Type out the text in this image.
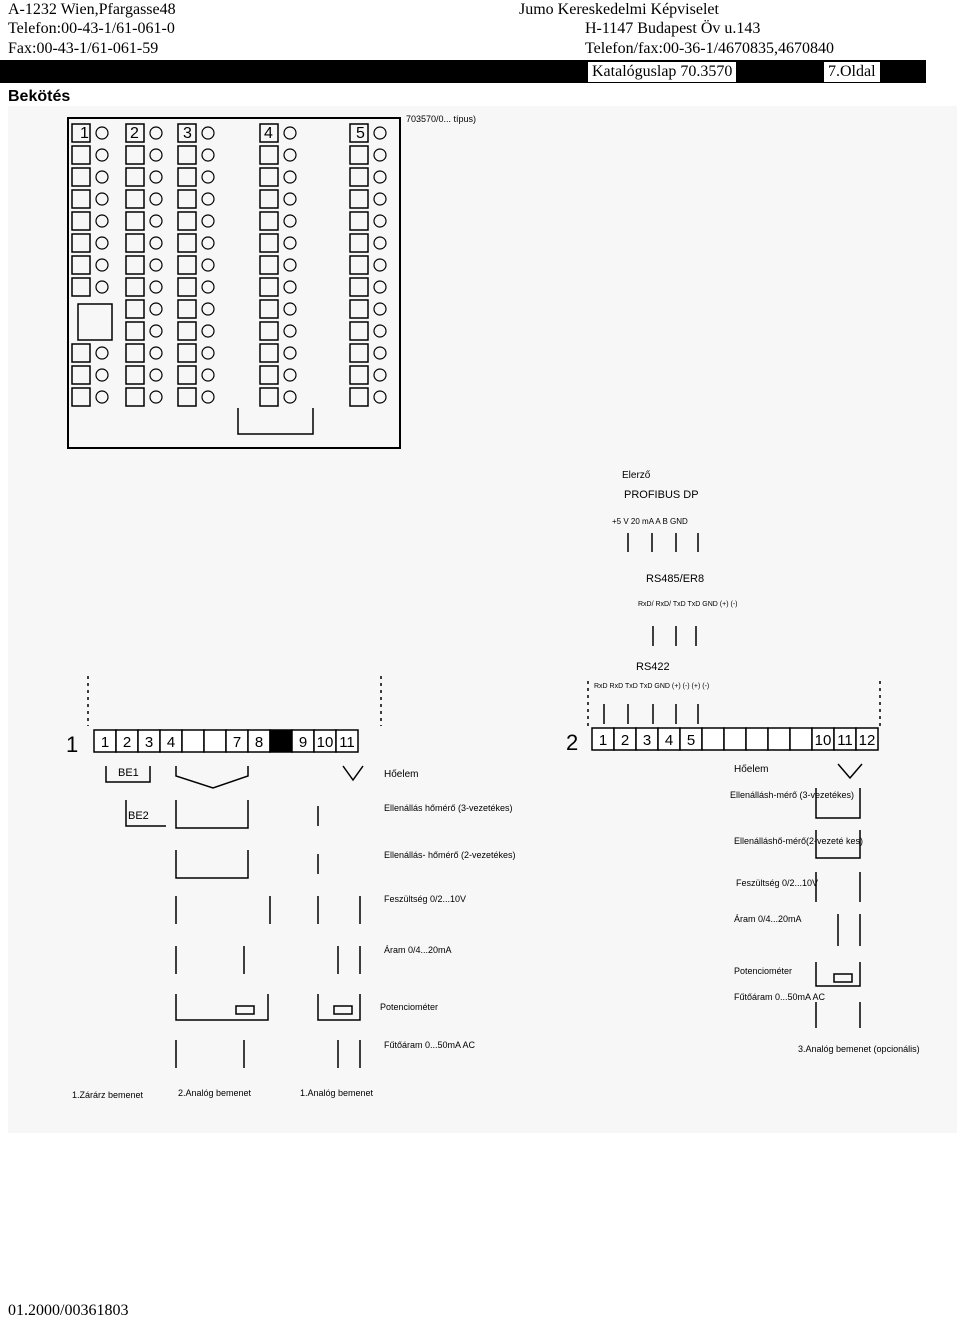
A-1232 Wien,Pfargasse48
Telefon:00-43-1/61-061-0
Fax:00-43-1/61-061-59
Jumo Kereskedelmi Képviselet
H-1147 Budapest Öv u.143
Telefon/fax:00-36-1/4670835,4670840
Katalóguslap 70.3570	7.Oldal
Bekötés
703570/0... típus)
1	2	3	4	5
Elerző
PROFIBUS DP
+5 V 20 mA A B GND
RS485/ER8
RxD/ RxD/ TxD TxD GND (+) (-)
RS422
RxD RxD TxD TxD GND (+) (-) (+) (-)
1 1 2 3 4	7 8 9 10 11	2 1 2 3 4 5	10 11 12
BE1
BE2
Hőelem
Ellenállás hőmérő (3-vezetékes)
Ellenállás- hőmérő (2-vezetékes)
Feszültség 0/2...10V
Áram 0/4...20mA
Potenciométer
Fűtőáram 0...50mA AC
1.Zárárz bemenet	2.Analóg bemenet	1.Analóg bemenet
Hőelem
Ellenállásh-mérő (3-vezetékes)
Ellenálláshő-mérő(2-vezeté kes)
Feszültség 0/2...10V
Áram 0/4...20mA
Potenciométer
Fűtőáram 0...50mA AC
3.Analóg bemenet (opcionális)
01.2000/00361803
